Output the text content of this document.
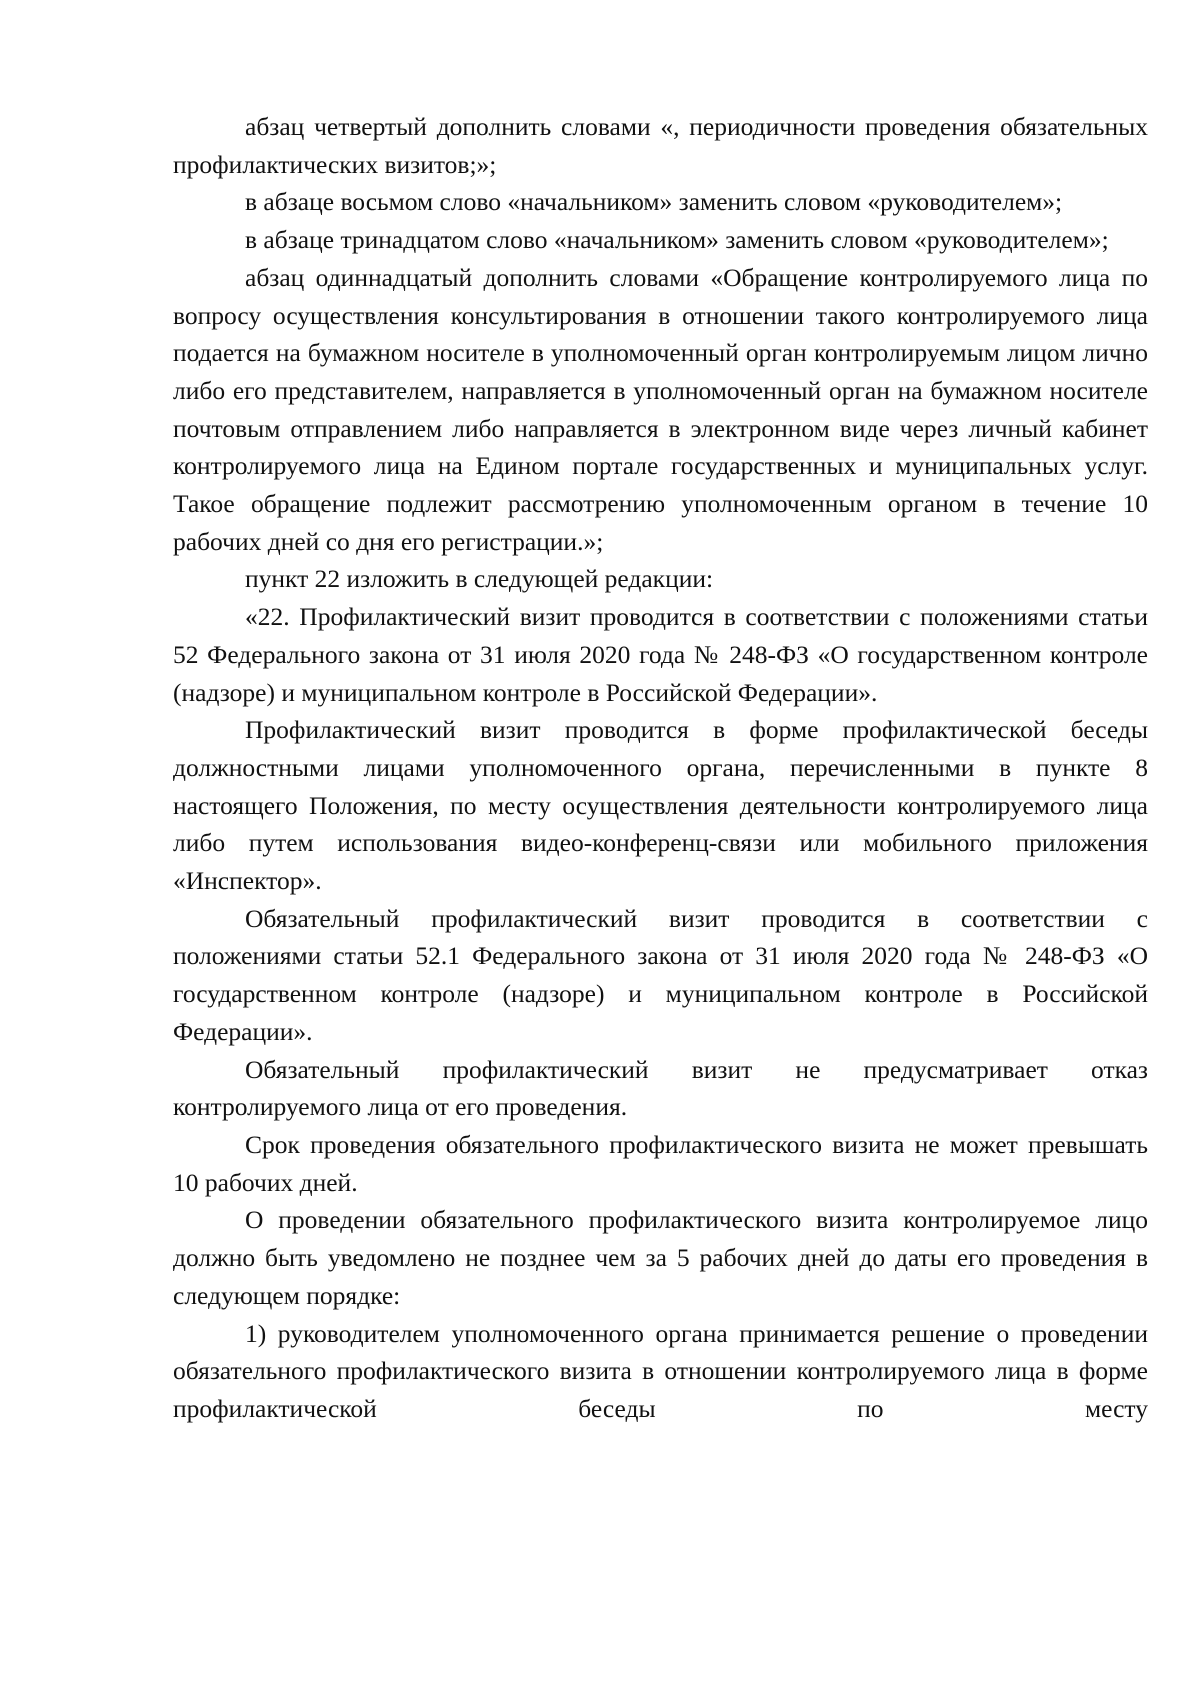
абзац четвертый дополнить словами «, периодичности проведения обязательных профилактических визитов;»;

в абзаце восьмом слово «начальником» заменить словом «руководителем»;

в абзаце тринадцатом слово «начальником» заменить словом «руководителем»;

абзац одиннадцатый дополнить словами «Обращение контролируемого лица по вопросу осуществления консультирования в отношении такого контролируемого лица подается на бумажном носителе в уполномоченный орган контролируемым лицом лично либо его представителем, направляется в уполномоченный орган на бумажном носителе почтовым отправлением либо направляется в электронном виде через личный кабинет контролируемого лица на Едином портале государственных и муниципальных услуг. Такое обращение подлежит рассмотрению уполномоченным органом в течение 10 рабочих дней со дня его регистрации.»;

пункт 22 изложить в следующей редакции:

«22. Профилактический визит проводится в соответствии с положениями статьи 52 Федерального закона от 31 июля 2020 года № 248-ФЗ «О государственном контроле (надзоре) и муниципальном контроле в Российской Федерации».

Профилактический визит проводится в форме профилактической беседы должностными лицами уполномоченного органа, перечисленными в пункте 8 настоящего Положения, по месту осуществления деятельности контролируемого лица либо путем использования видео-конференц-связи или мобильного приложения «Инспектор».

Обязательный профилактический визит проводится в соответствии с положениями статьи 52.1 Федерального закона от 31 июля 2020 года № 248-ФЗ «О государственном контроле (надзоре) и муниципальном контроле в Российской Федерации».

Обязательный профилактический визит не предусматривает отказ контролируемого лица от его проведения.

Срок проведения обязательного профилактического визита не может превышать 10 рабочих дней.

О проведении обязательного профилактического визита контролируемое лицо должно быть уведомлено не позднее чем за 5 рабочих дней до даты его проведения в следующем порядке:

1) руководителем уполномоченного органа принимается решение о проведении обязательного профилактического визита в отношении контролируемого лица в форме профилактической беседы по месту
